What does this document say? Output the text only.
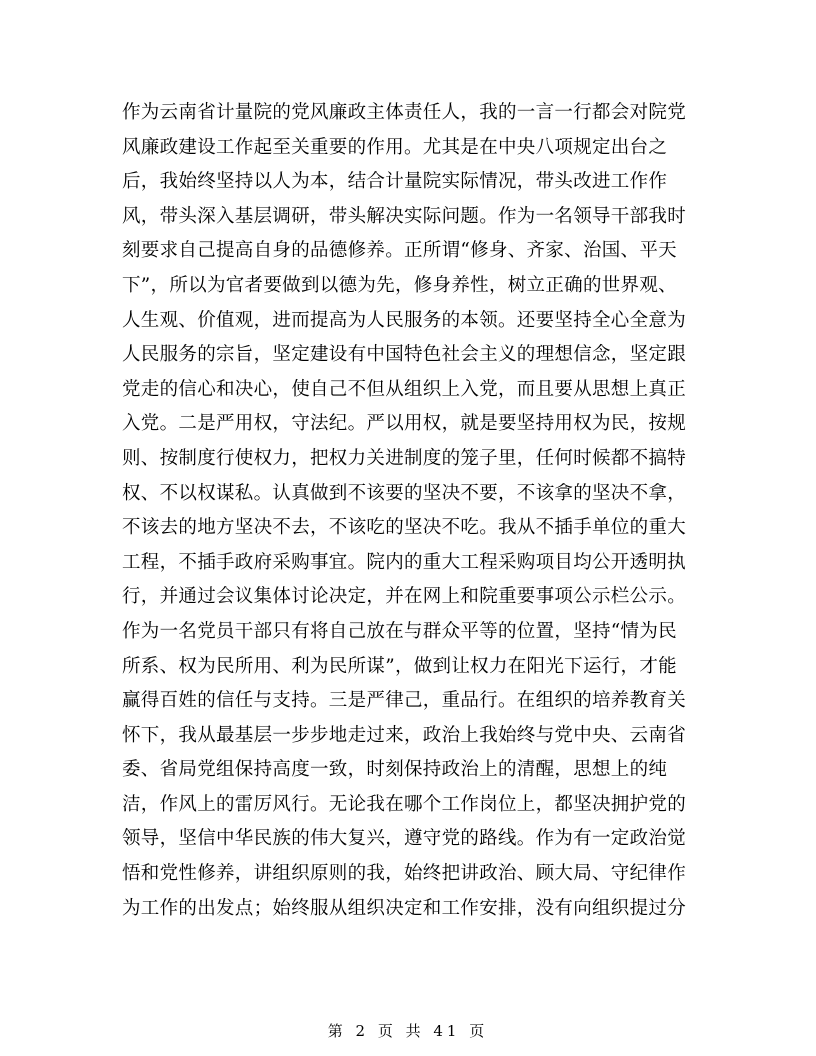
作为云南省计量院的党风廉政主体责任人，我的一言一行都会对院党
风廉政建设工作起至关重要的作用。尤其是在中央八项规定出台之
后，我始终坚持以人为本，结合计量院实际情况，带头改进工作作
风，带头深入基层调研，带头解决实际问题。作为一名领导干部我时
刻要求自己提高自身的品德修养。正所谓“修身、齐家、治国、平天
下”，所以为官者要做到以德为先，修身养性，树立正确的世界观、
人生观、价值观，进而提高为人民服务的本领。还要坚持全心全意为
人民服务的宗旨，坚定建设有中国特色社会主义的理想信念，坚定跟
党走的信心和决心，使自己不但从组织上入党，而且要从思想上真正
入党。二是严用权，守法纪。严以用权，就是要坚持用权为民，按规
则、按制度行使权力，把权力关进制度的笼子里，任何时候都不搞特
权、不以权谋私。认真做到不该要的坚决不要，不该拿的坚决不拿，
不该去的地方坚决不去，不该吃的坚决不吃。我从不插手单位的重大
工程，不插手政府采购事宜。院内的重大工程采购项目均公开透明执
行，并通过会议集体讨论决定，并在网上和院重要事项公示栏公示。
作为一名党员干部只有将自己放在与群众平等的位置，坚持“情为民
所系、权为民所用、利为民所谋”，做到让权力在阳光下运行，才能
赢得百姓的信任与支持。三是严律己，重品行。在组织的培养教育关
怀下，我从最基层一步步地走过来，政治上我始终与党中央、云南省
委、省局党组保持高度一致，时刻保持政治上的清醒，思想上的纯
洁，作风上的雷厉风行。无论我在哪个工作岗位上，都坚决拥护党的
领导，坚信中华民族的伟大复兴，遵守党的路线。作为有一定政治觉
悟和党性修养，讲组织原则的我，始终把讲政治、顾大局、守纪律作
为工作的出发点；始终服从组织决定和工作安排，没有向组织提过分
第 2 页 共 41 页
